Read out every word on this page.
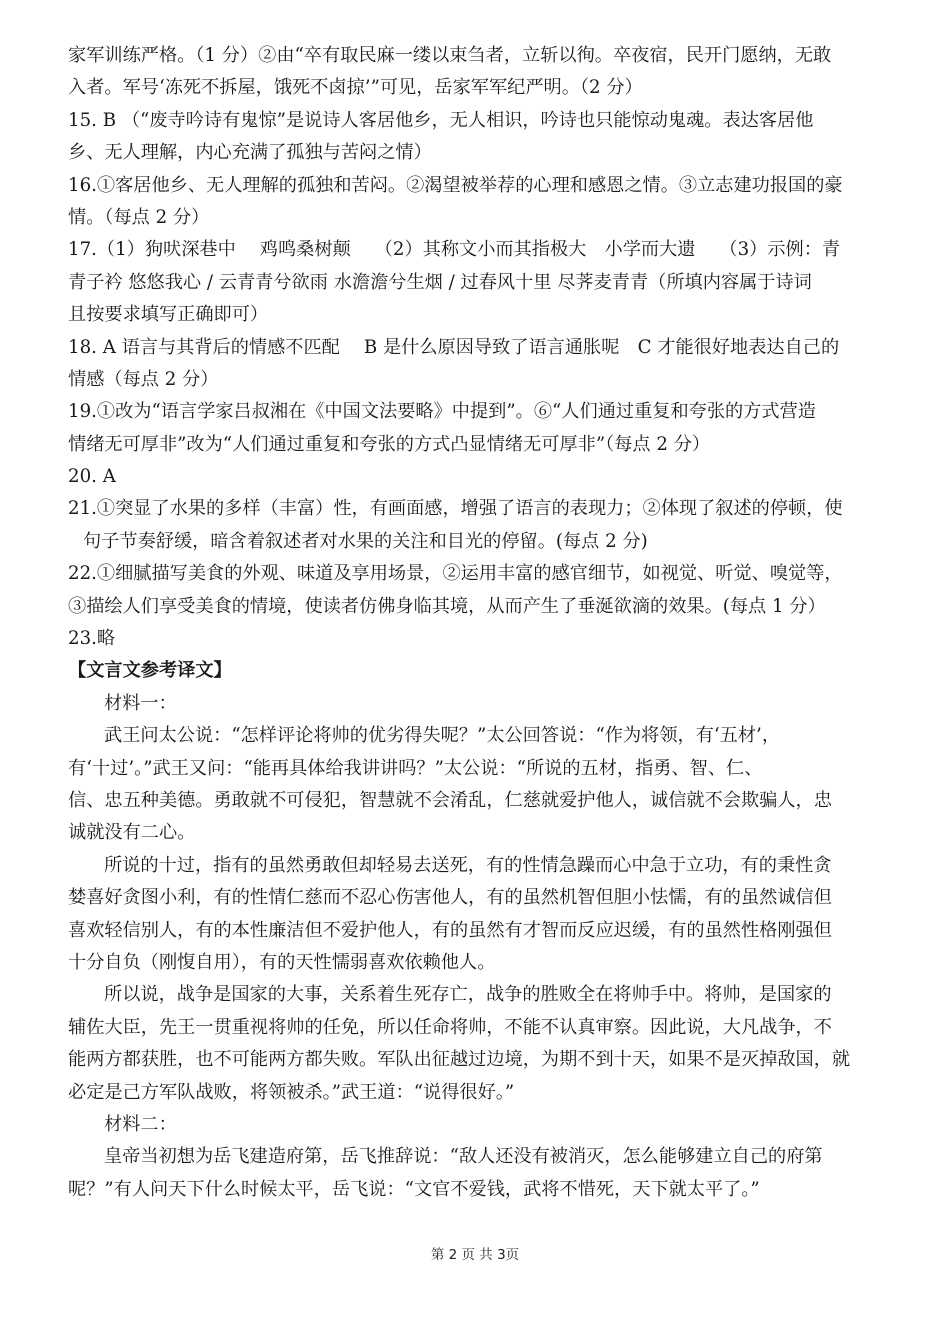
家军训练严格。（1 分）②由“卒有取民麻一缕以束刍者，立斩以徇。卒夜宿，民开门愿纳，无敢
入者。军号‘冻死不拆屋，饿死不卤掠’”可见，岳家军军纪严明。（2 分）
15. B （“废寺吟诗有鬼惊”是说诗人客居他乡，无人相识，吟诗也只能惊动鬼魂。表达客居他
乡、无人理解，内心充满了孤独与苦闷之情）
16.①客居他乡、无人理解的孤独和苦闷。②渴望被举荐的心理和感恩之情。③立志建功报国的豪
情。（每点 2 分）
17.（1）狗吠深巷中　 鸡鸣桑树颠　 （2）其称文小而其指极大　小学而大遗　 （3）示例：青
青子衿 悠悠我心 / 云青青兮欲雨 水澹澹兮生烟 / 过春风十里 尽荠麦青青（所填内容属于诗词
且按要求填写正确即可）
18. A 语言与其背后的情感不匹配　 B 是什么原因导致了语言通胀呢　C 才能很好地表达自己的
情感（每点 2 分）
19.①改为“语言学家吕叔湘在《中国文法要略》中提到”。⑥“人们通过重复和夸张的方式营造
情绪无可厚非”改为“人们通过重复和夸张的方式凸显情绪无可厚非”（每点 2 分）
20. A
21.①突显了水果的多样（丰富）性，有画面感，增强了语言的表现力；②体现了叙述的停顿，使
句子节奏舒缓，暗含着叙述者对水果的关注和目光的停留。(每点 2 分)
22.①细腻描写美食的外观、味道及享用场景，②运用丰富的感官细节，如视觉、听觉、嗅觉等，
③描绘人们享受美食的情境，使读者仿佛身临其境，从而产生了垂涎欲滴的效果。(每点 1 分）
23.略
【文言文参考译文】
材料一：
武王问太公说：“怎样评论将帅的优劣得失呢？”太公回答说：“作为将领，有‘五材’，
有‘十过’。”武王又问：“能再具体给我讲讲吗？”太公说：“所说的五材，指勇、智、仁、
信、忠五种美德。勇敢就不可侵犯，智慧就不会淆乱，仁慈就爱护他人，诚信就不会欺骗人，忠
诚就没有二心。
所说的十过，指有的虽然勇敢但却轻易去送死，有的性情急躁而心中急于立功，有的秉性贪
婪喜好贪图小利，有的性情仁慈而不忍心伤害他人，有的虽然机智但胆小怯懦，有的虽然诚信但
喜欢轻信别人，有的本性廉洁但不爱护他人，有的虽然有才智而反应迟缓，有的虽然性格刚强但
十分自负（刚愎自用），有的天性懦弱喜欢依赖他人。
所以说，战争是国家的大事，关系着生死存亡，战争的胜败全在将帅手中。将帅，是国家的
辅佐大臣，先王一贯重视将帅的任免，所以任命将帅，不能不认真审察。因此说，大凡战争，不
能两方都获胜，也不可能两方都失败。军队出征越过边境，为期不到十天，如果不是灭掉敌国，就
必定是己方军队战败，将领被杀。”武王道：“说得很好。”
材料二：
皇帝当初想为岳飞建造府第，岳飞推辞说：“敌人还没有被消灭，怎么能够建立自己的府第
呢？”有人问天下什么时候太平，岳飞说：“文官不爱钱，武将不惜死，天下就太平了。”
第 2 页 共 3页
